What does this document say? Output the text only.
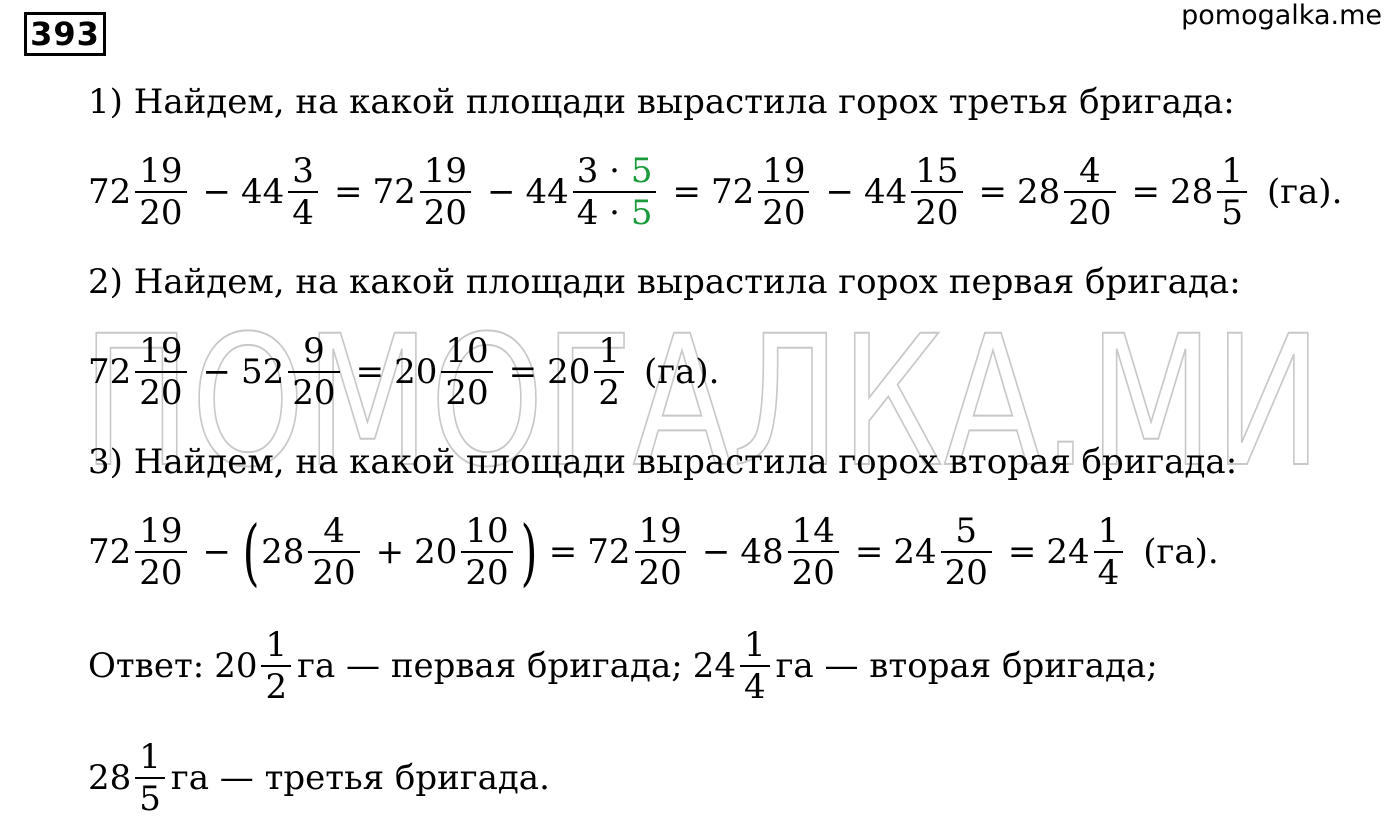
393	pomogalka.me
ПОМОГАЛКА.МИ
1) Найдем, на какой площади вырастила горох третья бригада:
$72 \frac{19}{20} - 44 \frac{3}{4} = 72 \frac{19}{20} - 44 \frac{3 \cdot 5}{4 \cdot 5} = 72 \frac{19}{20} - 44 \frac{15}{20} = 28 \frac{4}{20} = 28 \frac{1}{5} (га)$.
2) Найдем, на какой площади вырастила горох первая бригада:
$72 \frac{19}{20} - 52 \frac{9}{20} = 20 \frac{10}{20} = 20 \frac{1}{2} (га)$.
3) Найдем, на какой площади вырастила горох вторая бригада:
$72 \frac{19}{20}$ − ( $28 \frac{4}{20} + 20 \frac{10}{20}$ ) = $72 \frac{19}{20} - 48 \frac{14}{20} = 24 \frac{5}{20} = 24 \frac{1}{4} (га)$.
Ответ: $20 \frac{1}{2}$ га — первая бригада; $24 \frac{1}{4}$ га — вторая бригада;
$28 \frac{1}{5}$ га — третья бригада.
